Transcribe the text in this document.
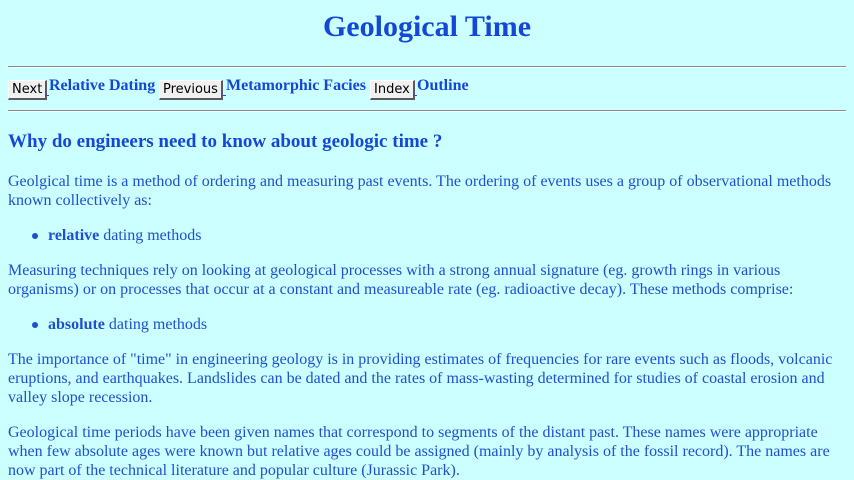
Geological Time
Next Relative Dating Previous Metamorphic Facies Index Outline
Why do engineers need to know about geologic time ?

Geolgical time is a method of ordering and measuring past events. The ordering of events uses a group of observational methods known collectively as:

relative dating methods

Measuring techniques rely on looking at geological processes with a strong annual signature (eg. growth rings in various organisms) or on processes that occur at a constant and measureable rate (eg. radioactive decay). These methods comprise:

absolute dating methods

The importance of "time" in engineering geology is in providing estimates of frequencies for rare events such as floods, volcanic eruptions, and earthquakes. Landslides can be dated and the rates of mass-wasting determined for studies of coastal erosion and valley slope recession.

Geological time periods have been given names that correspond to segments of the distant past. These names were appropriate when few absolute ages were known but relative ages could be assigned (mainly by analysis of the fossil record). The names are now part of the technical literature and popular culture (Jurassic Park).
